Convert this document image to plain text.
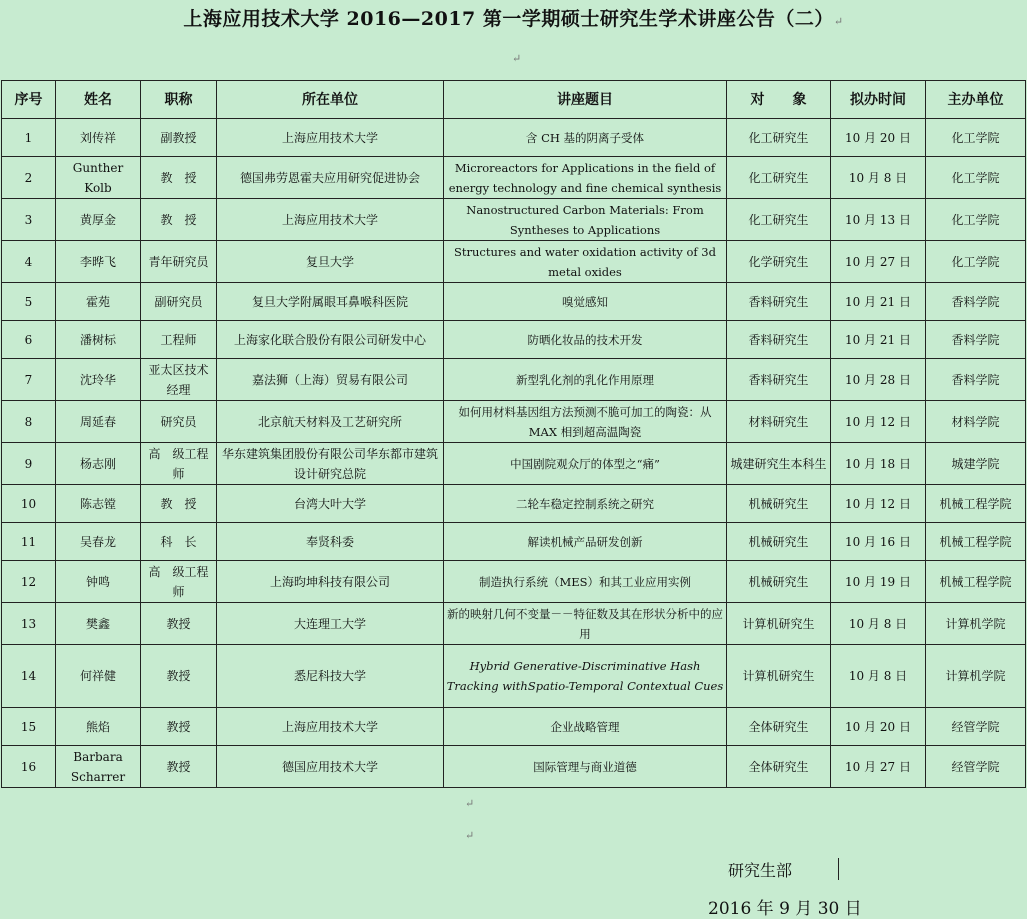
上海应用技术大学 2016—2017 第一学期硕士研究生学术讲座公告（二）↵
↵
序号	姓名	职称	所在单位	讲座题目	对　　象	拟办时间	主办单位
1	刘传祥	副教授	上海应用技术大学	含 CH 基的阴离子受体	化工研究生	10 月 20 日	化工学院
2	Gunther Kolb	教　授	德国弗劳恩霍夫应用研究促进协会	Microreactors for Applications in the field of energy technology and fine chemical synthesis	化工研究生	10 月 8 日	化工学院
3	黄厚金	教　授	上海应用技术大学	Nanostructured Carbon Materials: From Syntheses to Applications	化工研究生	10 月 13 日	化工学院
4	李晔飞	青年研究员	复旦大学	Structures and water oxidation activity of 3d metal oxides	化学研究生	10 月 27 日	化工学院
5	霍苑	副研究员	复旦大学附属眼耳鼻喉科医院	嗅觉感知	香料研究生	10 月 21 日	香料学院
6	潘树标	工程师	上海家化联合股份有限公司研发中心	防晒化妆品的技术开发	香料研究生	10 月 21 日	香料学院
7	沈玲华	亚太区技术经理	嘉法狮（上海）贸易有限公司	新型乳化剂的乳化作用原理	香料研究生	10 月 28 日	香料学院
8	周延春	研究员	北京航天材料及工艺研究所	如何用材料基因组方法预测不脆可加工的陶瓷：从 MAX 相到超高温陶瓷	材料研究生	10 月 12 日	材料学院
9	杨志刚	高　级工程师	华东建筑集团股份有限公司华东都市建筑设计研究总院	中国剧院观众厅的体型之“痛”	城建研究生本科生	10 月 18 日	城建学院
10	陈志镗	教　授	台湾大叶大学	二轮车稳定控制系统之研究	机械研究生	10 月 12 日	机械工程学院
11	吴春龙	科　长	奉贤科委	解读机械产品研发创新	机械研究生	10 月 16 日	机械工程学院
12	钟鸣	高　级工程师	上海昀坤科技有限公司	制造执行系统（MES）和其工业应用实例	机械研究生	10 月 19 日	机械工程学院
13	樊鑫	教授	大连理工大学	新的映射几何不变量－－特征数及其在形状分析中的应用	计算机研究生	10 月 8 日	计算机学院
14	何祥健	教授	悉尼科技大学	Hybrid Generative-Discriminative Hash Tracking withSpatio-Temporal Contextual Cues	计算机研究生	10 月 8 日	计算机学院
15	熊焰	教授	上海应用技术大学	企业战略管理	全体研究生	10 月 20 日	经管学院
16	Barbara Scharrer	教授	德国应用技术大学	国际管理与商业道德	全体研究生	10 月 27 日	经管学院
↵
↵
研究生部
2016 年 9 月 30 日
